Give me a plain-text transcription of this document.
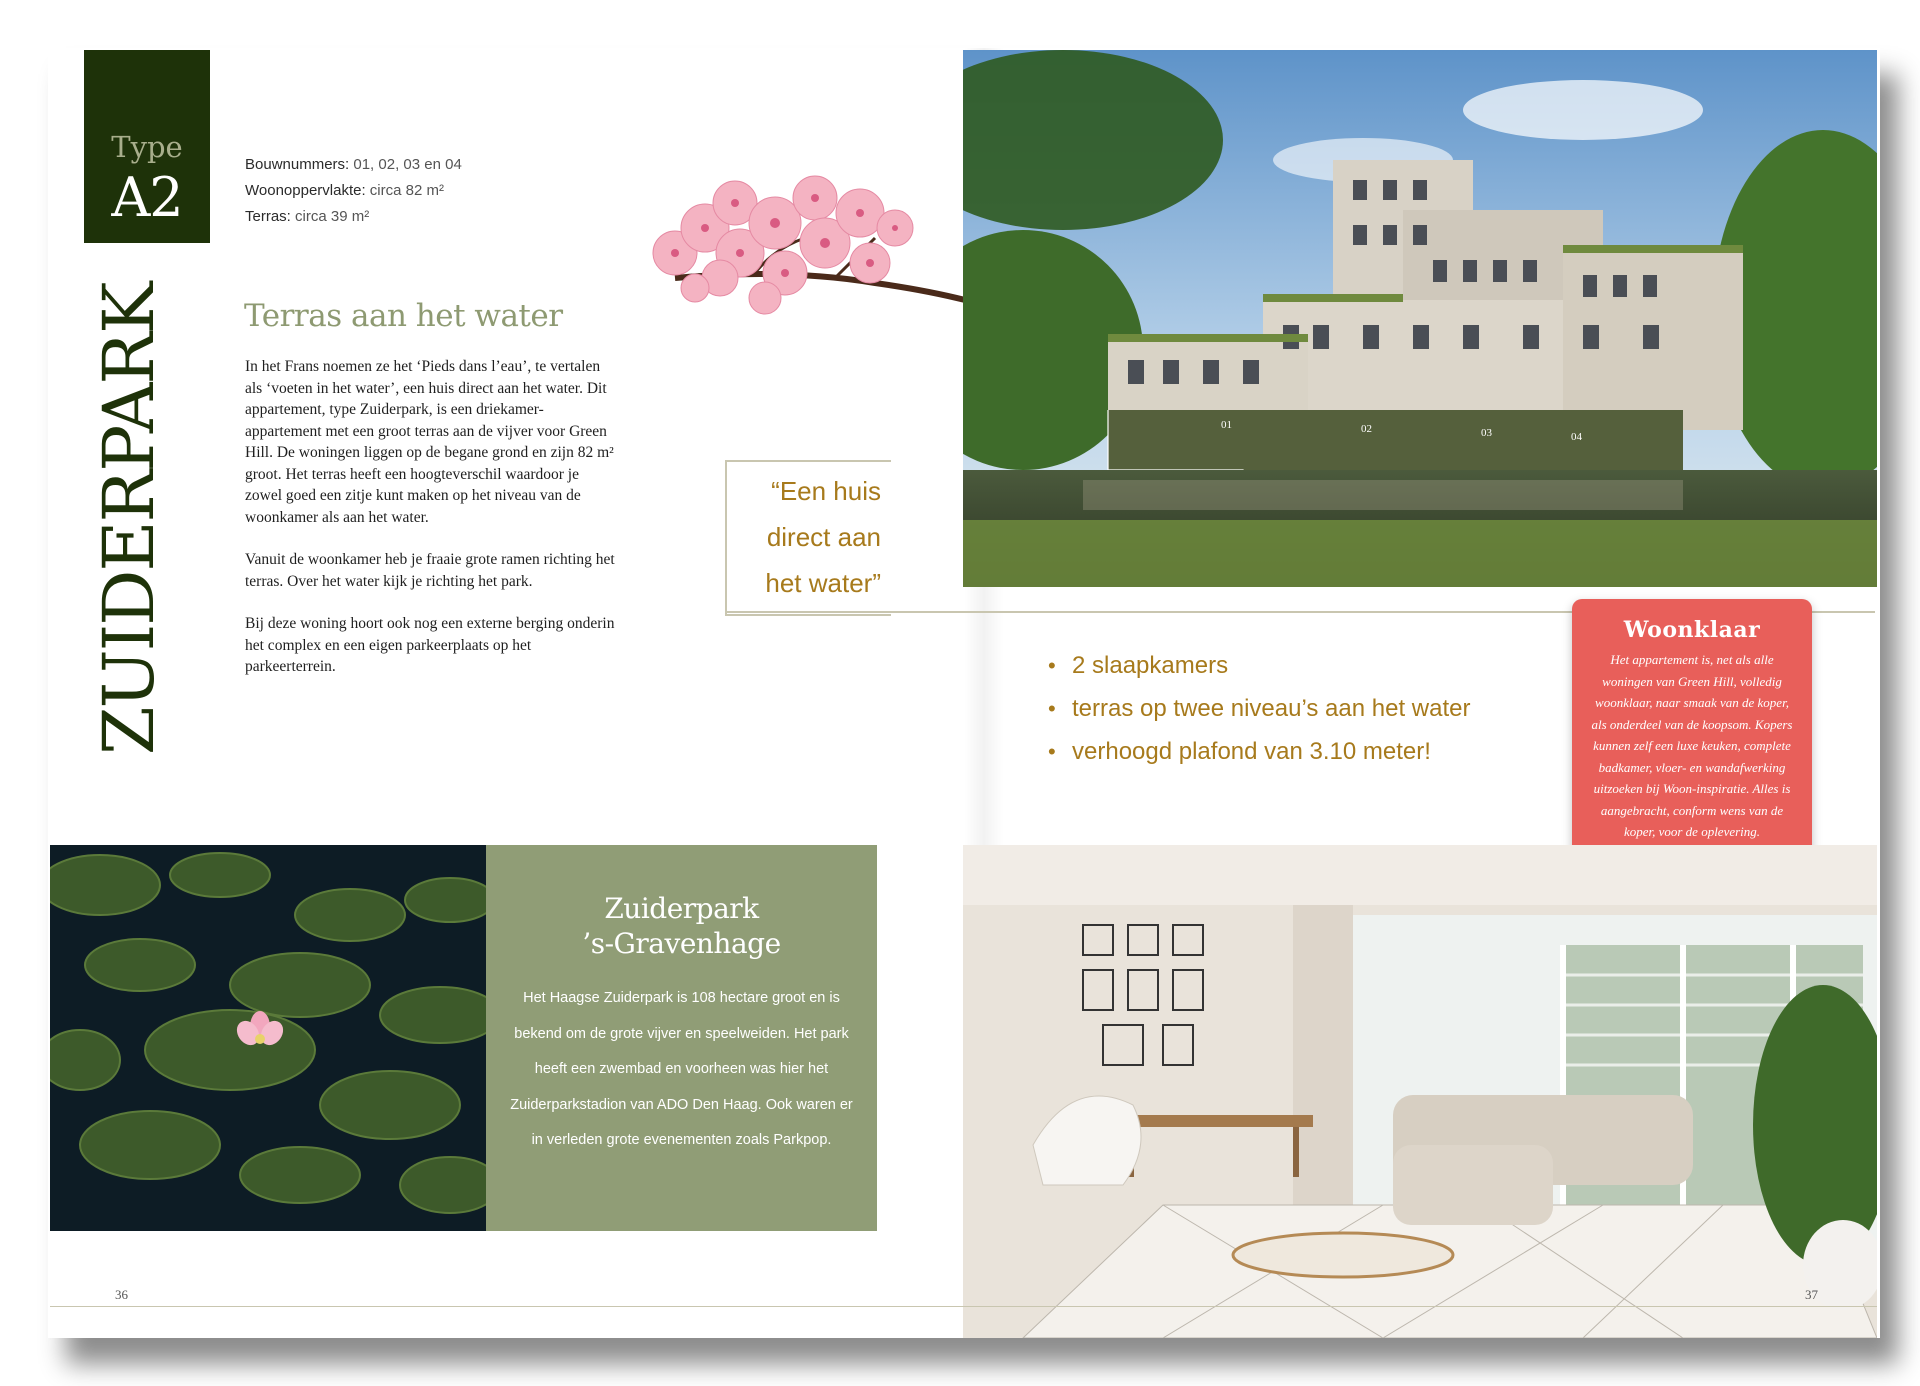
Type
A2
Bouwnummers: 01, 02, 03 en 04
Woonoppervlakte: circa 82 m²
Terras: circa 39 m²
ZUIDERPARK Terras aan het water

In het Frans noemen ze het ‘Pieds dans l’eau’, te vertalen als ‘voeten in het water’, een huis direct aan het water. Dit appartement, type Zuiderpark, is een driekamer-appartement met een groot terras aan de vijver voor Green Hill. De woningen liggen op de begane grond en zijn 82 m² groot. Het terras heeft een hoogteverschil waardoor je zowel goed een zitje kunt maken op het niveau van de woonkamer als aan het water.

Vanuit de woonkamer heb je fraaie grote ramen richting het terras. Over het water kijk je richting het park.

Bij deze woning hoort ook nog een externe berging onderin het complex en een eigen parkeerplaats op het parkeerterrein.

“Een huis
direct aan
het water”
01	02	03	04
• 2 slaapkamers
• terras op twee niveau’s aan het water
• verhoogd plafond van 3.10 meter!
Woonklaar
Het appartement is, net als alle woningen van Green Hill, volledig woonklaar, naar smaak van de koper, als onderdeel van de koopsom. Kopers kunnen zelf een luxe keuken, complete badkamer, vloer- en wandafwerking uitzoeken bij Woon-inspiratie. Alles is aangebracht, conform wens van de koper, voor de oplevering.
Zuiderpark
’s-Gravenhage
Het Haagse Zuiderpark is 108 hectare groot en is bekend om de grote vijver en speelweiden. Het park heeft een zwembad en voorheen was hier het Zuiderparkstadion van ADO Den Haag. Ook waren er in verleden grote evenementen zoals Parkpop.
36	37
